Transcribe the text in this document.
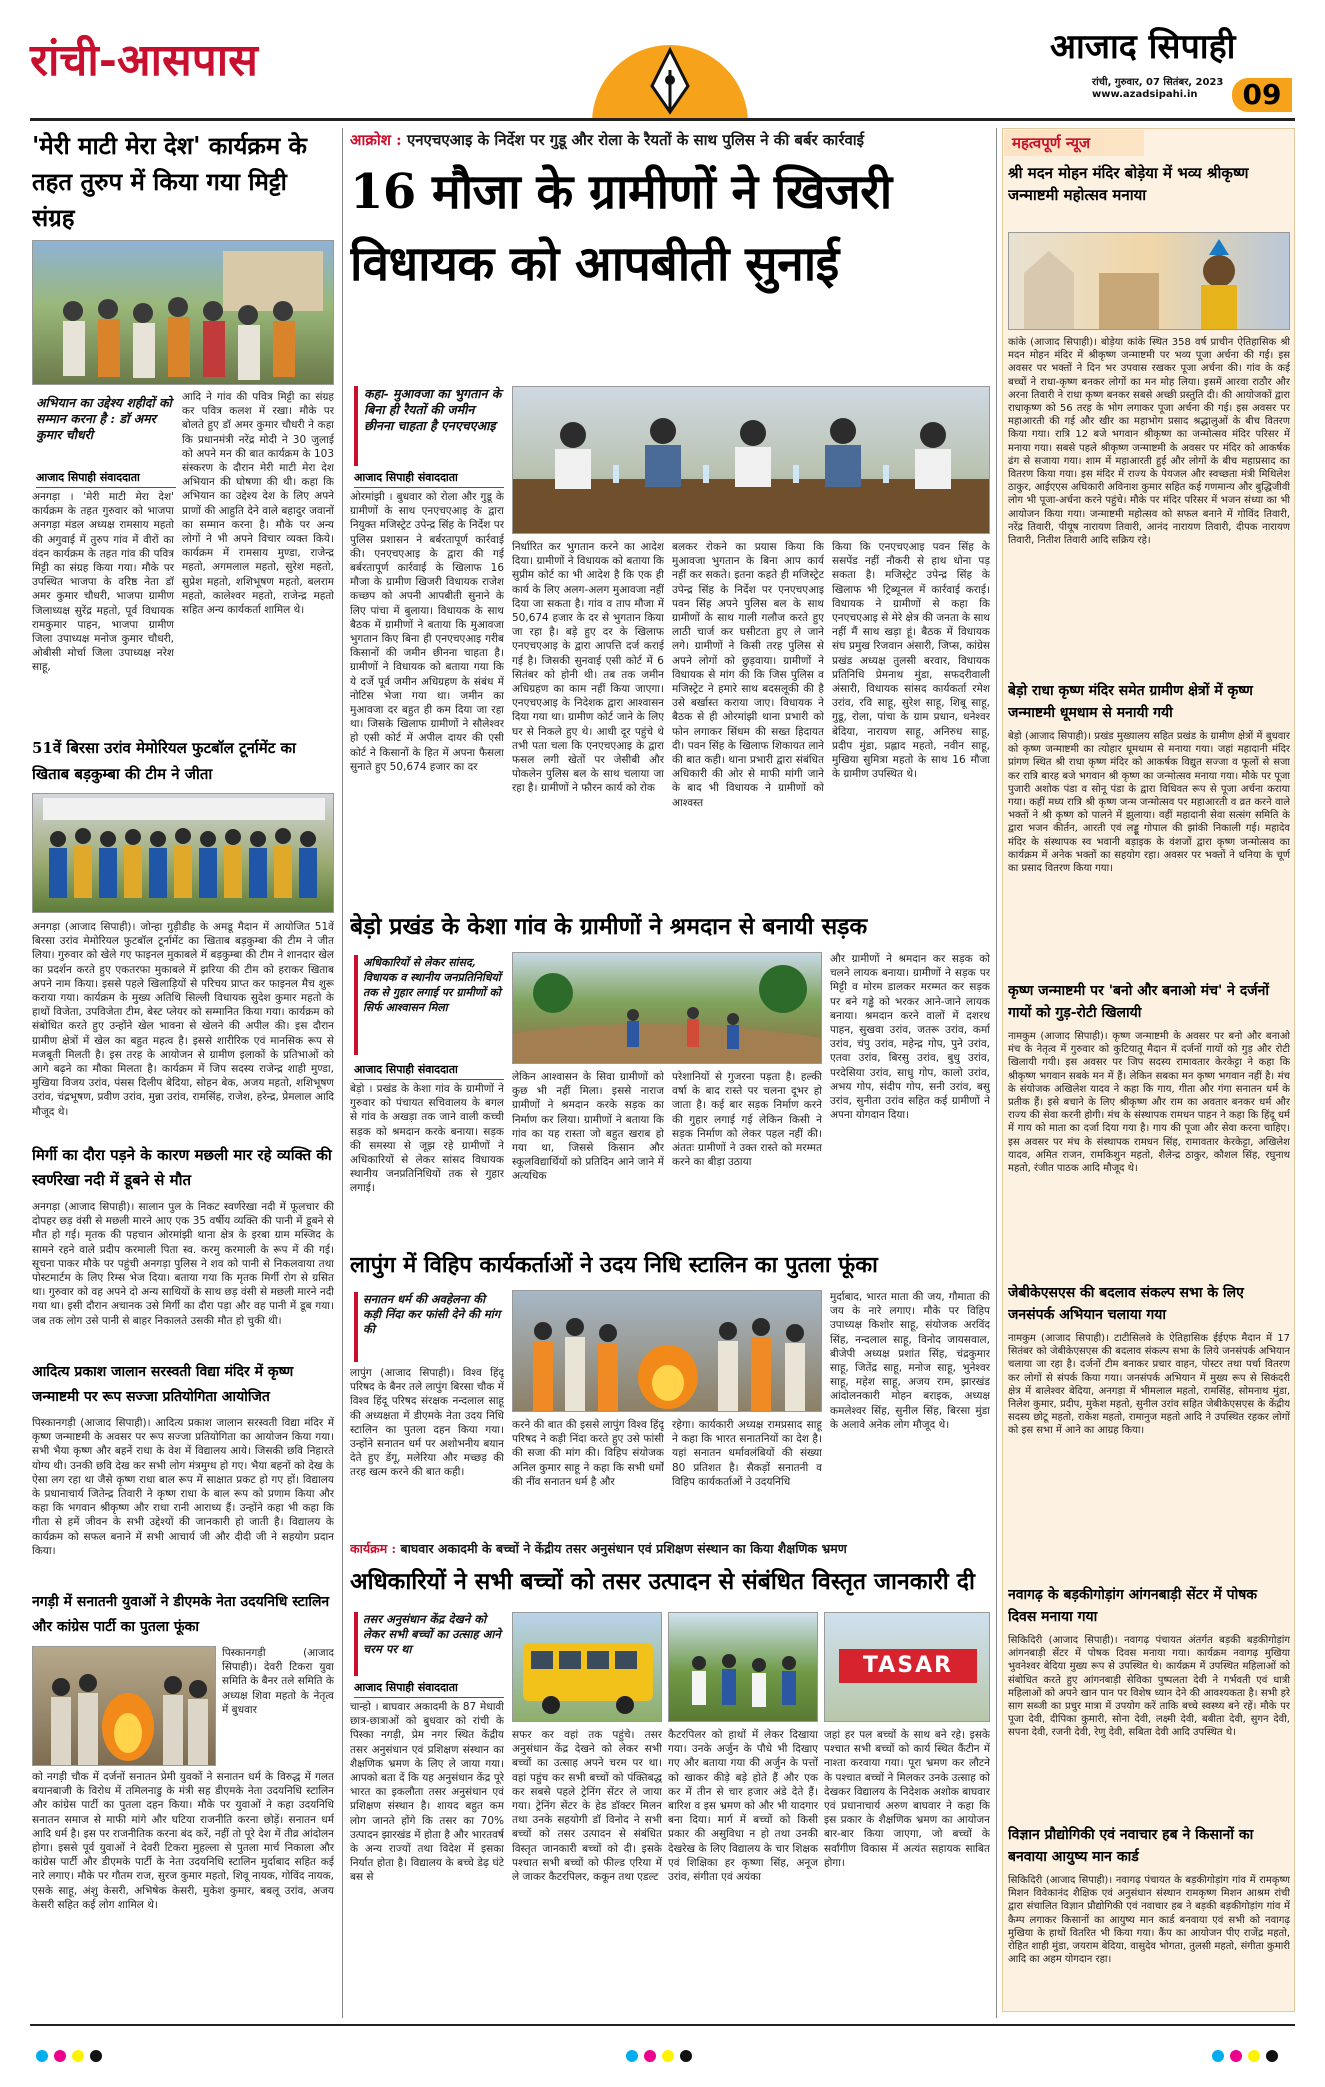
रांची-आसपास	आजाद सिपाही
रांची, गुरुवार, 07 सितंबर, 2023
www.azadsipahi.in	09
'मेरी माटी मेरा देश' कार्यक्रम के तहत तुरुप में किया गया मिट्टी संग्रह
अभियान का उद्देश्य शहीदों को सम्मान करना है : डॉ अमर कुमार चौधरी
आजाद सिपाही संवाददाता
अनगड़ा । 'मेरी माटी मेरा देश' कार्यक्रम के तहत गुरुवार को भाजपा अनगड़ा मंडल अध्यक्ष रामसाय महतो की अगुवाई में तुरुप गांव में वीरों का वंदन कार्यक्रम के तहत गांव की पवित्र मिट्टी का संग्रह किया गया। मौके पर उपस्थित भाजपा के वरिष्ठ नेता डॉ अमर कुमार चौधरी, भाजपा ग्रामीण जिलाध्यक्ष सुरेंद्र महतो, पूर्व विधायक रामकुमार पाहन, भाजपा ग्रामीण जिला उपाध्यक्ष मनोज कुमार चौधरी, ओबीसी मोर्चा जिला उपाध्यक्ष नरेश साहू,
आदि ने गांव की पवित्र मिट्टी का संग्रह कर पवित्र कलश में रखा। मौके पर बोलते हुए डॉ अमर कुमार चौधरी ने कहा कि प्रधानमंत्री नरेंद्र मोदी ने 30 जुलाई को अपने मन की बात कार्यक्रम के 103 संस्करण के दौरान मेरी माटी मेरा देश अभियान की घोषणा की थी। कहा कि अभियान का उद्देश्य देश के लिए अपने प्राणों की आहुति देने वाले बहादुर जवानों का सम्मान करना है। मौके पर अन्य लोगों ने भी अपने विचार व्यक्त किये। कार्यक्रम में रामसाय मुण्डा, राजेन्द्र महतो, अगमलाल महतो, सुरेश महतो, सुप्रेश महतो, शशिभूषण महतो, बलराम महतो, कालेश्वर महतो, राजेन्द्र महतो सहित अन्य कार्यकर्ता शामिल थे।
51वें बिरसा उरांव मेमोरियल फुटबॉल टूर्नामेंट का खिताब बड़कुम्बा की टीम ने जीता
अनगड़ा (आजाद सिपाही)। जोन्हा गुड़ीडीह के अमडू मैदान में आयोजित 51वें बिरसा उरांव मेमोरियल फुटबॉल टूर्नामेंट का खिताब बड़कुम्बा की टीम ने जीत लिया। गुरुवार को खेले गए फाइनल मुकाबले में बड़कुम्बा की टीम ने शानदार खेल का प्रदर्शन करते हुए एकतरफा मुकाबले में झरिया की टीम को हराकर खिताब अपने नाम किया। इससे पहले खिलाड़ियों से परिचय प्राप्त कर फाइनल मैच शुरू कराया गया। कार्यक्रम के मुख्य अतिथि सिल्ली विधायक सुदेश कुमार महतो के हाथों विजेता, उपविजेता टीम, बेस्ट प्लेयर को सम्मानित किया गया। कार्यक्रम को संबोधित करते हुए उन्होंने खेल भावना से खेलने की अपील की। इस दौरान ग्रामीण क्षेत्रों में खेल का बहुत महत्व है। इससे शारीरिक एवं मानसिक रूप से मजबूती मिलती है। इस तरह के आयोजन से ग्रामीण इलाकों के प्रतिभाओं को आगे बढ़ने का मौका मिलता है। कार्यक्रम में जिप सदस्य राजेन्द्र शाही मुण्डा, मुखिया विजय उरांव, पंसस दिलीप बेदिया, सोहन बेक, अजय महतो, शशिभूषण उरांव, चंद्रभूषण, प्रवीण उरांव, मुन्ना उरांव, रामसिंह, राजेश, हरेन्द्र, प्रेमलाल आदि मौजूद थे।
मिर्गी का दौरा पड़ने के कारण मछली मार रहे व्यक्ति की स्वर्णरेखा नदी में डूबने से मौत
अनगड़ा (आजाद सिपाही)। सालान पुल के निकट स्वर्णरेखा नदी में फूलचार की दोपहर छड़ वंसी से मछली मारने आए एक 35 वर्षीय व्यक्ति की पानी में डूबने से मौत हो गई। मृतक की पहचान ओरमांझी थाना क्षेत्र के इरबा ग्राम मस्जिद के सामने रहने वाले प्रदीप करमाली पिता स्व. करमु करमाली के रूप में की गई। सूचना पाकर मौके पर पहुंची अनगड़ा पुलिस ने शव को पानी से निकलवाया तथा पोस्टमार्टम के लिए रिम्स भेज दिया। बताया गया कि मृतक मिर्गी रोग से ग्रसित था। गुरुवार को वह अपने दो अन्य साथियों के साथ छड़ वंसी से मछली मारने नदी गया था। इसी दौरान अचानक उसे मिर्गी का दौरा पड़ा और वह पानी में डूब गया। जब तक लोग उसे पानी से बाहर निकालते उसकी मौत हो चुकी थी।
आदित्य प्रकाश जालान सरस्वती विद्या मंदिर में कृष्ण जन्माष्टमी पर रूप सज्जा प्रतियोगिता आयोजित
पिस्कानगड़ी (आजाद सिपाही)। आदित्य प्रकाश जालान सरस्वती विद्या मंदिर में कृष्ण जन्माष्टमी के अवसर पर रूप सज्जा प्रतियोगिता का आयोजन किया गया। सभी भैया कृष्ण और बहनें राधा के वेश में विद्यालय आये। जिसकी छवि निहारते योग्य थी। उनकी छवि देख कर सभी लोग मंत्रमुग्ध हो गए। भैया बहनों को देख के ऐसा लग रहा था जैसे कृष्ण राधा बाल रूप में साक्षात प्रकट हो गए हों। विद्यालय के प्रधानाचार्य जितेन्द्र तिवारी ने कृष्ण राधा के बाल रूप को प्रणाम किया और कहा कि भगवान श्रीकृष्ण और राधा रानी आराध्य हैं। उन्होंने कहा भी कहा कि गीता से हमें जीवन के सभी उद्देश्यों की जानकारी हो जाती है। विद्यालय के कार्यक्रम को सफल बनाने में सभी आचार्य जी और दीदी जी ने सहयोग प्रदान किया।
नगड़ी में सनातनी युवाओं ने डीएमके नेता उदयनिधि स्टालिन और कांग्रेस पार्टी का पुतला फूंका
पिस्कानगड़ी (आजाद सिपाही)। देवरी टिकरा युवा समिति के बैनर तले समिति के अध्यक्ष शिवा महतो के नेतृत्व में बुधवार
को नगड़ी चौक में दर्जनों सनातन प्रेमी युवकों ने सनातन धर्म के विरुद्ध में गलत बयानबाजी के विरोध में तमिलनाडु के मंत्री सह डीएमके नेता उदयनिधि स्टालिन और कांग्रेस पार्टी का पुतला दहन किया। मौके पर युवाओं ने कहा उदयनिधि सनातन समाज से माफी मांगे और घटिया राजनीति करना छोड़ें। सनातन धर्म आदि धर्म है। इस पर राजनीतिक करना बंद करें, नहीं तो पूरे देश में तीव्र आंदोलन होगा। इससे पूर्व युवाओं ने देवरी टिकरा मुहल्ला से पुतला मार्च निकाला और कांग्रेस पार्टी और डीएमके पार्टी के नेता उदयनिधि स्टालिन मुर्दाबाद सहित कई नारे लगाए। मौके पर गौतम राज, सुरज कुमार महतो, शिवू नायक, गोविंद नायक, एसके साहू, अंशु केसरी, अभिषेक केसरी, मुकेश कुमार, बबलू उरांव, अजय केसरी सहित कई लोग शामिल थे।
आक्रोश : एनएचएआइ के निर्देश पर गुडू और रोला के रैयतों के साथ पुलिस ने की बर्बर कार्रवाई
16 मौजा के ग्रामीणों ने खिजरी विधायक को आपबीती सुनाई
कहा- मुआवजा का भुगतान के बिना ही रैयतों की जमीन छीनना चाहता है एनएचएआइ
आजाद सिपाही संवाददाता
ओरमांझी । बुधवार को रोला और गुडू के ग्रामीणों के साथ एनएचएआइ के द्वारा नियुक्त मजिस्ट्रेट उपेन्द्र सिंह के निर्देश पर पुलिस प्रशासन ने बर्बरतापूर्ण कार्रवाई की। एनएचएआइ के द्वारा की गई बर्बरतापूर्ण कार्रवाई के खिलाफ 16 मौजा के ग्रामीण खिजरी विधायक राजेश कच्छप को अपनी आपबीती सुनाने के लिए पांचा में बुलाया। विधायक के साथ बैठक में ग्रामीणों ने बताया कि मुआवजा भुगतान किए बिना ही एनएचएआइ गरीब किसानों की जमीन छीनना चाहता है। ग्रामीणों ने विधायक को बताया गया कि ये दर्जे पूर्व जमीन अधिग्रहण के संबंध में नोटिस भेजा गया था। जमीन का मुआवजा दर बहुत ही कम दिया जा रहा था। जिसके खिलाफ ग्रामीणों ने सौलेश्वर हो एसी कोर्ट में अपील दायर की एसी कोर्ट ने किसानों के हित में अपना फैसला सुनाते हुए 50,674 हजार का दर
निर्धारित कर भुगतान करने का आदेश दिया। ग्रामीणों ने विधायक को बताया कि सुप्रीम कोर्ट का भी आदेश है कि एक ही कार्य के लिए अलग-अलग मुआवजा नहीं दिया जा सकता है। गांव व ताप मौजा में 50,674 हजार के दर से भुगतान किया जा रहा है। बड़े हुए दर के खिलाफ एनएचएआइ के द्वारा आपत्ति दर्ज कराई गई है। जिसकी सुनवाई एसी कोर्ट में 6 सितंबर को होनी थी। तब तक जमीन अधिग्रहण का काम नहीं किया जाएगा। एनएचएआइ के निदेशक द्वारा आश्वासन दिया गया था। ग्रामीण कोर्ट जाने के लिए घर से निकले हुए थे। आधी दूर पहुंचे थे तभी पता चला कि एनएचएआइ के द्वारा फसल लगी खेतों पर जेसीबी और पोकलेन पुलिस बल के साथ चलाया जा रहा है। ग्रामीणों ने फौरन कार्य को रोक
बलकर रोकने का प्रयास किया कि मुआवजा भुगतान के बिना आप कार्य नहीं कर सकते। इतना कहते ही मजिस्ट्रेट उपेन्द्र सिंह के निर्देश पर एनएचएआइ पवन सिंह अपने पुलिस बल के साथ ग्रामीणों के साथ गाली गलौज करते हुए लाठी चार्ज कर घसीटता हुए ले जाने लगे। ग्रामीणों ने किसी तरह पुलिस से अपने लोगों को छुड़वाया। ग्रामीणों ने विधायक से मांग की कि जिस पुलिस व मजिस्ट्रेट ने हमारे साथ बदसलूकी की है उसे बर्खास्त कराया जाए। विधायक ने बैठक से ही ओरमांझी थाना प्रभारी को फोन लगाकर सिंधम की सख्त हिदायत दी। पवन सिंह के खिलाफ शिकायत लाने की बात कही। थाना प्रभारी द्वारा संबंधित अधिकारी की ओर से माफी मांगी जाने के बाद भी विधायक ने ग्रामीणों को आश्वस्त
किया कि एनएचएआइ पवन सिंह के ससपेंड नहीं नौकरी से हाथ धोना पड़ सकता है। मजिस्ट्रेट उपेन्द्र सिंह के खिलाफ भी ट्रिब्यूनल में कार्रवाई कराई। विधायक ने ग्रामीणों से कहा कि एनएचएआइ से मेरे क्षेत्र की जनता के साथ नहीं मैं साथ खड़ा हूं। बैठक में विधायक संघ प्रमुख रिजवान अंसारी, जिप्स, कांग्रेस प्रखंड अध्यक्ष तुलसी बरवार, विधायक प्रतिनिधि प्रेमनाथ मुंडा, सफदरीवाली अंसारी, विधायक सांसद कार्यकर्ता रमेश उरांव, रवि साहू, सुरेश साहू, शिबू साहू, गुडू, रोला, पांचा के ग्राम प्रधान, धनेश्वर बेदिया, नारायण साहू, अनिरुध साहू, प्रदीप मुंडा, प्रह्लाद महतो, नवीन साहू, मुखिया सुमित्रा महतो के साथ 16 मौजा के ग्रामीण उपस्थित थे।
बेड़ो प्रखंड के केशा गांव के ग्रामीणों ने श्रमदान से बनायी सड़क
अधिकारियों से लेकर सांसद, विधायक व स्थानीय जनप्रतिनिधियों तक से गुहार लगाई पर ग्रामीणों को सिर्फ आश्वासन मिला
आजाद सिपाही संवाददाता
बेड़ो । प्रखंड के केशा गांव के ग्रामीणों ने गुरुवार को पंचायत सचिवालय के बगल से गांव के अखड़ा तक जाने वाली कच्ची सड़क को श्रमदान करके बनाया। सड़क की समस्या से जूझ रहे ग्रामीणों ने अधिकारियों से लेकर सांसद विधायक स्थानीय जनप्रतिनिधियों तक से गुहार लगाई।
लेकिन आश्वासन के सिवा ग्रामीणों को कुछ भी नहीं मिला। इससे नाराज ग्रामीणों ने श्रमदान करके सड़क का निर्माण कर लिया। ग्रामीणों ने बताया कि गांव का यह रास्ता जो बहुत खराब हो गया था, जिससे किसान और स्कूलविद्यार्थियों को प्रतिदिन आने जाने में अत्यधिक
परेशानियों से गुजरना पड़ता है। हल्की वर्षा के बाद रास्ते पर चलना दूभर हो जाता है। कई बार सड़क निर्माण करने की गुहार लगाई गई लेकिन किसी ने सड़क निर्माण को लेकर पहल नहीं की। अंततः ग्रामीणों ने उक्त रास्ते को मरम्मत करने का बीड़ा उठाया
और ग्रामीणों ने श्रमदान कर सड़क को चलने लायक बनाया। ग्रामीणों ने सड़क पर मिट्टी व मोरम डालकर मरम्मत कर सड़क पर बने गड्ढे को भरकर आने-जाने लायक बनाया। श्रमदान करने वालों में दशरथ पाहन, सुखवा उरांव, जतरू उरांव, कर्मा उरांव, चंपु उरांव, महेन्द्र गोप, पुने उरांव, एतवा उरांव, बिरसु उरांव, बुधु उरांव, परदेसिया उरांव, साधु गोप, कालो उरांव, अभय गोप, संदीप गोप, सनी उरांव, बसु उरांव, सुनीता उरांव सहित कई ग्रामीणों ने अपना योगदान दिया।
लापुंग में विहिप कार्यकर्ताओं ने उदय निधि स्टालिन का पुतला फूंका
सनातन धर्म की अवहेलना की कड़ी निंदा कर फांसी देने की मांग की
लापुंग (आजाद सिपाही)। विश्व हिंदू परिषद के बैनर तले लापुंग बिरसा चौक में विश्व हिंदू परिषद संरक्षक नन्दलाल साहू की अध्यक्षता में डीएमके नेता उदय निधि स्टालिन का पुतला दहन किया गया। उन्होंने सनातन धर्म पर अशोभनीय बयान देते हुए डेंगू, मलेरिया और मच्छड़ की तरह खत्म करने की बात कही।
करने की बात की इससे लापुंग विश्व हिंदू परिषद ने कड़ी निंदा करते हुए उसे फांसी की सजा की मांग की। विहिप संयोजक अनिल कुमार साहू ने कहा कि सभी धर्मों की नींव सनातन धर्म है और
रहेगा। कार्यकारी अध्यक्ष रामप्रसाद साहू ने कहा कि भारत सनातनियों का देश है। यहां सनातन धर्मावलंबियों की संख्या 80 प्रतिशत है। सैकड़ों सनातनी व विहिप कार्यकर्ताओं ने उदयनिधि
मुर्दाबाद, भारत माता की जय, गौमाता की जय के नारे लगाए। मौके पर विहिप उपाध्यक्ष किशोर साहू, संयोजक अरविंद सिंह, नन्दलाल साहू, विनोद जायसवाल, बीजेपी अध्यक्ष प्रशांत सिंह, चंद्रकुमार साहू, जितेंद्र साहू, मनोज साहू, भुनेश्वर साहू, महेश साहू, अजय राम, झारखंड आंदोलनकारी मोहन बराइक, अध्यक्ष कमलेश्वर सिंह, सुनील सिंह, बिरसा मुंडा के अलावे अनेक लोग मौजूद थे।
कार्यक्रम : बाघवार अकादमी के बच्चों ने केंद्रीय तसर अनुसंधान एवं प्रशिक्षण संस्थान का किया शैक्षणिक भ्रमण
अधिकारियों ने सभी बच्चों को तसर उत्पादन से संबंधित विस्तृत जानकारी दी
तसर अनुसंधान केंद्र देखने को लेकर सभी बच्चों का उत्साह आने चरम पर था
आजाद सिपाही संवाददाता
TASAR
चान्हो । बाघवार अकादमी के 87 मेधावी छात्र-छात्राओं को बुधवार को रांची के पिस्का नगड़ी, प्रेम नगर स्थित केंद्रीय तसर अनुसंधान एवं प्रशिक्षण संस्थान का शैक्षणिक भ्रमण के लिए ले जाया गया। आपको बता दें कि यह अनुसंधान केंद्र पूरे भारत का इकलौता तसर अनुसंधान एवं प्रशिक्षण संस्थान है। शायद बहुत कम लोग जानते होंगे कि तसर का 70% उत्पादन झारखंड में होता है और भारतवर्ष के अन्य राज्यों तथा विदेश में इसका निर्यात होता है। विद्यालय के बच्चे डेढ़ घंटे बस से
सफर कर वहां तक पहुंचे। तसर अनुसंधान केंद्र देखने को लेकर सभी बच्चों का उत्साह अपने चरम पर था। वहां पहुंच कर सभी बच्चों को पंक्तिबद्ध कर सबसे पहले ट्रेनिंग सेंटर ले जाया गया। ट्रेनिंग सेंटर के हेड डॉक्टर मिलन तथा उनके सहयोगी डॉ विनोद ने सभी बच्चों को तसर उत्पादन से संबंधित विस्तृत जानकारी बच्चों को दी। इसके पश्चात सभी बच्चों को फील्ड एरिया में ले जाकर कैटरपिलर, ककून तथा एडल्ट
कैटरपिलर को हाथों में लेकर दिखाया गया। उनके अर्जुन के पौधे भी दिखाए गए और बताया गया की अर्जुन के पत्तों को खाकर कीड़े बड़े होते हैं और एक कर में तीन से चार हजार अंडे देते हैं। बारिश व इस भ्रमण को और भी यादगार बना दिया। मार्ग में बच्चों को किसी प्रकार की असुविधा न हो तथा उनकी देखरेख के लिए विद्यालय के चार शिक्षक एवं शिक्षिका हर कृष्णा सिंह, अनूज उरांव, संगीता एवं अयंका
जहां हर पल बच्चों के साथ बने रहे। इसके पश्चात सभी बच्चों को कार्य स्थित कैंटीन में नाश्ता करवाया गया। पूरा भ्रमण कर लौटने के पश्चात बच्चों ने मिलकर उनके उत्साह को देखकर विद्यालय के निदेशक अशोक बाघवार एवं प्रधानाचार्य अरुण बाघवार ने कहा कि इस प्रकार के शैक्षणिक भ्रमण का आयोजन बार-बार किया जाएगा, जो बच्चों के सर्वांगीण विकास में अत्यंत सहायक साबित होगा।
महत्वपूर्ण न्यूज
श्री मदन मोहन मंदिर बोड़ेया में भव्य श्रीकृष्ण जन्माष्टमी महोत्सव मनाया
कांके (आजाद सिपाही)। बोड़ेया कांके स्थित 358 वर्ष प्राचीन ऐतिहासिक श्री मदन मोहन मंदिर में श्रीकृष्ण जन्माष्टमी पर भव्य पूजा अर्चना की गई। इस अवसर पर भक्तों ने दिन भर उपवास रखकर पूजा अर्चना की। गांव के कई बच्चों ने राधा-कृष्ण बनकर लोगों का मन मोह लिया। इसमें आरवा राठौर और अरना तिवारी ने राधा कृष्ण बनकर सबसे अच्छी प्रस्तुति दी। की आयोजकों द्वारा राधाकृष्ण को 56 तरह के भोग लगाकर पूजा अर्चना की गई। इस अवसर पर महाआरती की गई और खीर का महाभोग प्रसाद श्रद्धालुओं के बीच वितरण किया गया। रात्रि 12 बजे भगवान श्रीकृष्ण का जन्मोत्सव मंदिर परिसर में मनाया गया। सबसे पहले श्रीकृष्ण जन्माष्टमी के अवसर पर मंदिर को आकर्षक ढंग से सजाया गया। शाम में महाआरती हुई और लोगों के बीच महाप्रसाद का वितरण किया गया। इस मंदिर में राज्य के पेयजल और स्वच्छता मंत्री मिथिलेश ठाकुर, आईएएस अधिकारी अविनाश कुमार सहित कई गणमान्य और बुद्धिजीवी लोग भी पूजा-अर्चना करने पहुंचे। मौके पर मंदिर परिसर में भजन संध्या का भी आयोजन किया गया। जन्माष्टमी महोत्सव को सफल बनाने में गोविंद तिवारी, नरेंद्र तिवारी, पीयूष नारायण तिवारी, आनंद नारायण तिवारी, दीपक नारायण तिवारी, नितीश तिवारी आदि सक्रिय रहे।
बेड़ो राधा कृष्ण मंदिर समेत ग्रामीण क्षेत्रों में कृष्ण जन्माष्टमी धूमधाम से मनायी गयी
बेड़ो (आजाद सिपाही)। प्रखंड मुख्यालय सहित प्रखंड के ग्रामीण क्षेत्रों में बुधवार को कृष्ण जन्माष्टमी का त्योहार धूमधाम से मनाया गया। जहां महादानी मंदिर प्रांगण स्थित श्री राधा कृष्ण मंदिर को आकर्षक विद्युत सज्जा व फूलों से सजा कर रात्रि बारह बजे भगवान श्री कृष्ण का जन्मोत्सव मनाया गया। मौके पर पूजा पुजारी अशोक पंडा व सोनू पंडा के द्वारा विधिवत रूप से पूजा अर्चना कराया गया। कहीं मध्य रात्रि श्री कृष्ण जन्म जन्मोत्सव पर महाआरती व व्रत करने वाले भक्तों ने श्री कृष्ण को पालने में झुलाया। वहीं महादानी सेवा सत्संग समिति के द्वारा भजन कीर्तन, आरती एवं लड्डू गोपाल की झांकी निकाली गई। महादेव मंदिर के संस्थापक स्व भवानी बड़ाइक के वंशजों द्वारा कृष्ण जन्मोत्सव का कार्यक्रम में अनेक भक्तों का सहयोग रहा। अवसर पर भक्तों ने धनिया के चूर्ण का प्रसाद वितरण किया गया।
कृष्ण जन्माष्टमी पर 'बनो और बनाओ मंच' ने दर्जनों गायों को गुड़-रोटी खिलायी
नामकुम (आजाद सिपाही)। कृष्ण जन्माष्टमी के अवसर पर बनो और बनाओ मंच के नेतृत्व में गुरुवार को कुटियातू मैदान में दर्जनों गायों को गुड़ और रोटी खिलायी गयी। इस अवसर पर जिप सदस्य रामावतार केरकेट्टा ने कहा कि श्रीकृष्ण भगवान सबके मन में हैं। लेकिन सबका मन कृष्ण भगवान नहीं है। मंच के संयोजक अखिलेश यादव ने कहा कि गाय, गीता और गंगा सनातन धर्म के प्रतीक हैं। इसे बचाने के लिए श्रीकृष्ण और राम का अवतार बनकर धर्म और राज्य की सेवा करनी होगी। मंच के संस्थापक रामधन पाहन ने कहा कि हिंदू धर्म में गाय को माता का दर्जा दिया गया है। गाय की पूजा और सेवा करना चाहिए। इस अवसर पर मंच के संस्थापक रामधन सिंह, रामावतार केरकेट्टा, अखिलेश यादव, अमित राजन, रामकिशुन महतो, शैलेन्द्र ठाकुर, कौशल सिंह, रघुनाथ महतो, रंजीत पाठक आदि मौजूद थे।
जेबीकेएसएस की बदलाव संकल्प सभा के लिए जनसंपर्क अभियान चलाया गया
नामकुम (आजाद सिपाही)। टाटीसिलवे के ऐतिहासिक ईईएफ मैदान में 17 सितंबर को जेबीकेएसएस की बदलाव संकल्प सभा के लिये जनसंपर्क अभियान चलाया जा रहा है। दर्जनों टीम बनाकर प्रचार वाहन, पोस्टर तथा पर्चा वितरण कर लोगों से संपर्क किया गया। जनसंपर्क अभियान में मुख्य रूप से सिकंदरी क्षेत्र में बालेश्वर बेदिया, अनगड़ा में भीमलाल महतो, रामसिंह, सोमनाथ मुंडा, निलेश कुमार, प्रदीप, मुकेश महतो, सुनील उरांव सहित जेबीकेएसएस के केंद्रीय सदस्य छोटू महतो, राकेश महतो, रामानुज महतो आदि ने उपस्थित रहकर लोगों को इस सभा में आने का आग्रह किया।
नवागढ़ के बड़कीगोड़ांग आंगनबाड़ी सेंटर में पोषक दिवस मनाया गया
सिकिदिरी (आजाद सिपाही)। नवागढ़ पंचायत अंतर्गत बड़की बड़कीगोड़ांग आंगनबाड़ी सेंटर में पोषक दिवस मनाया गया। कार्यक्रम नवागढ़ मुखिया भुवनेश्वर बेदिया मुख्य रूप से उपस्थित थे। कार्यक्रम में उपस्थित महिलाओं को संबोधित करते हुए आंगनबाड़ी सेविका पुष्पलता देवी ने गर्भवती एवं धात्री महिलाओं को अपने खान पान पर विशेष ध्यान देने की आवश्यकता है। सभी हरे साग सब्जी का प्रचुर मात्रा में उपयोग करें ताकि बच्चे स्वस्थ्य बने रहें। मौके पर पूजा देवी, दीपिका कुमारी, सोना देवी, लक्ष्मी देवी, बबीता देवी, सुगन देवी, सपना देवी, रजनी देवी, रेणु देवी, सबिता देवी आदि उपस्थित थे।
विज्ञान प्रौद्योगिकी एवं नवाचार हब ने किसानों का बनवाया आयुष्य मान कार्ड
सिकिदिरी (आजाद सिपाही)। नवागढ़ पंचायत के बड़कीगोड़ांग गांव में रामकृष्ण मिशन विवेकानंद शैक्षिक एवं अनुसंधान संस्थान रामकृष्ण मिशन आश्रम रांची द्वारा संचालित विज्ञान प्रौद्योगिकी एवं नवाचार हब ने बड़की बड़कीगोड़ांग गांव में कैम्प लगाकर किसानों का आयुष्य मान कार्ड बनवाया एवं सभी को नवागढ़ मुखिया के हाथों वितरित भी किया गया। कैंप का आयोजन पीए राजेंद्र महतो, रोहित शाही मुंडा, जयराम बेदिया, वासुदेव भोगता, तुलसी महतो, संगीता कुमारी आदि का अहम योगदान रहा।
